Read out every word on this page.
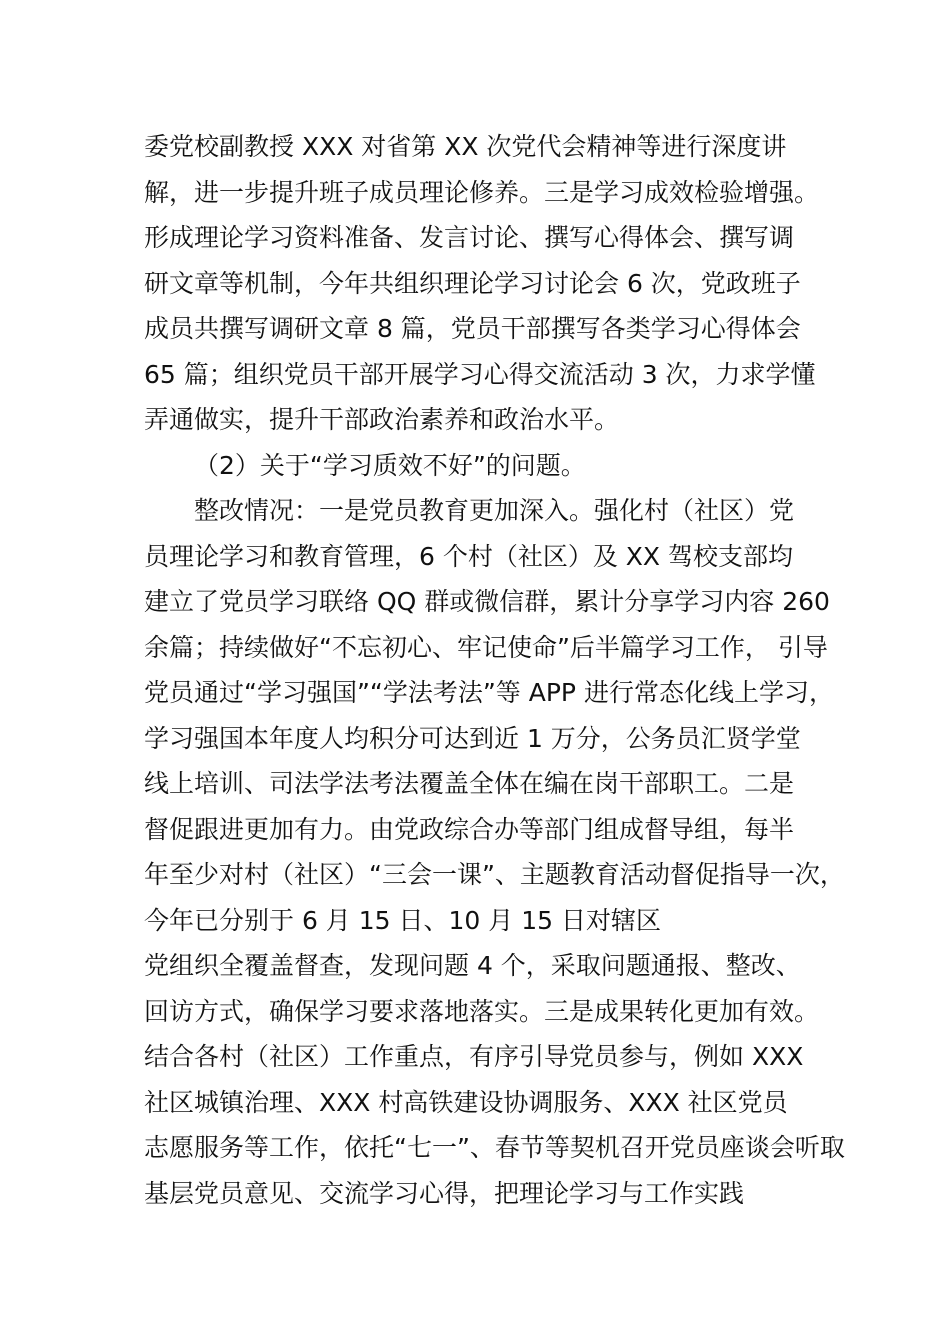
委党校副教授 XXX 对省第 XX 次党代会精神等进行深度讲
解，进一步提升班子成员理论修养。三是学习成效检验增强。
形成理论学习资料准备、发言讨论、撰写心得体会、撰写调
研文章等机制，今年共组织理论学习讨论会 6 次，党政班子
成员共撰写调研文章 8 篇，党员干部撰写各类学习心得体会
65 篇；组织党员干部开展学习心得交流活动 3 次，力求学懂
弄通做实，提升干部政治素养和政治水平。
（2）关于“学习质效不好”的问题。
整改情况：一是党员教育更加深入。强化村（社区）党
员理论学习和教育管理，6 个村（社区）及 XX 驾校支部均
建立了党员学习联络 QQ 群或微信群，累计分享学习内容 260
余篇；持续做好“不忘初心、牢记使命”后半篇学习工作， 引导
党员通过“学习强国”“学法考法”等 APP 进行常态化线上学习，
学习强国本年度人均积分可达到近 1 万分，公务员汇贤学堂
线上培训、司法学法考法覆盖全体在编在岗干部职工。二是
督促跟进更加有力。由党政综合办等部门组成督导组，每半
年至少对村（社区）“三会一课”、主题教育活动督促指导一次，
今年已分别于 6 月 15 日、10 月 15 日对辖区
党组织全覆盖督查，发现问题 4 个，采取问题通报、整改、
回访方式，确保学习要求落地落实。三是成果转化更加有效。
结合各村（社区）工作重点，有序引导党员参与，例如 XXX
社区城镇治理、XXX 村高铁建设协调服务、XXX 社区党员
志愿服务等工作，依托“七一”、春节等契机召开党员座谈会听取
基层党员意见、交流学习心得，把理论学习与工作实践
